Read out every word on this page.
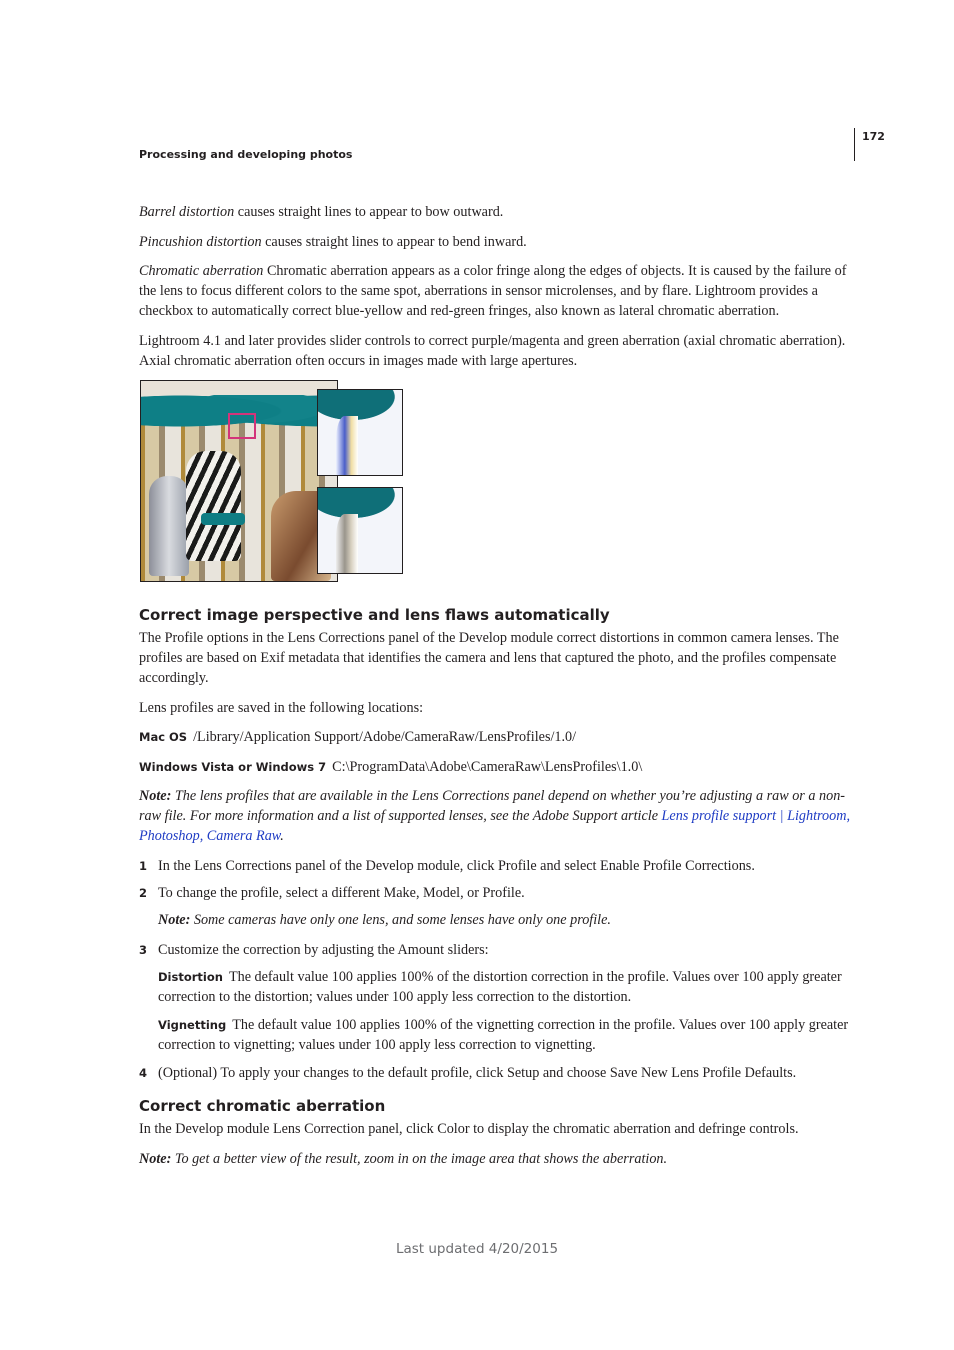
Processing and developing photos
172

Barrel distortion causes straight lines to appear to bow outward.

Pincushion distortion causes straight lines to appear to bend inward.

Chromatic aberration Chromatic aberration appears as a color fringe along the edges of objects. It is caused by the failure of the lens to focus different colors to the same spot, aberrations in sensor microlenses, and by flare. Lightroom provides a checkbox to automatically correct blue-yellow and red-green fringes, also known as lateral chromatic aberration.

Lightroom 4.1 and later provides slider controls to correct purple/magenta and green aberration (axial chromatic aberration). Axial chromatic aberration often occurs in images made with large apertures.

Correct image perspective and lens flaws automatically

The Profile options in the Lens Corrections panel of the Develop module correct distortions in common camera lenses. The profiles are based on Exif metadata that identifies the camera and lens that captured the photo, and the profiles compensate accordingly.

Lens profiles are saved in the following locations:

Mac OS /Library/Application Support/Adobe/CameraRaw/LensProfiles/1.0/

Windows Vista or Windows 7 C:\ProgramData\Adobe\CameraRaw\LensProfiles\1.0\

Note: The lens profiles that are available in the Lens Corrections panel depend on whether you’re adjusting a raw or a non-raw file. For more information and a list of supported lenses, see the Adobe Support article Lens profile support | Lightroom, Photoshop, Camera Raw.

1 In the Lens Corrections panel of the Develop module, click Profile and select Enable Profile Corrections.
2 To change the profile, select a different Make, Model, or Profile.

Note: Some cameras have only one lens, and some lenses have only one profile.

3 Customize the correction by adjusting the Amount sliders:

Distortion The default value 100 applies 100% of the distortion correction in the profile. Values over 100 apply greater correction to the distortion; values under 100 apply less correction to the distortion.

Vignetting The default value 100 applies 100% of the vignetting correction in the profile. Values over 100 apply greater correction to vignetting; values under 100 apply less correction to vignetting.

4 (Optional) To apply your changes to the default profile, click Setup and choose Save New Lens Profile Defaults.
Correct chromatic aberration

In the Develop module Lens Correction panel, click Color to display the chromatic aberration and defringe controls.

Note: To get a better view of the result, zoom in on the image area that shows the aberration.

Last updated 4/20/2015
